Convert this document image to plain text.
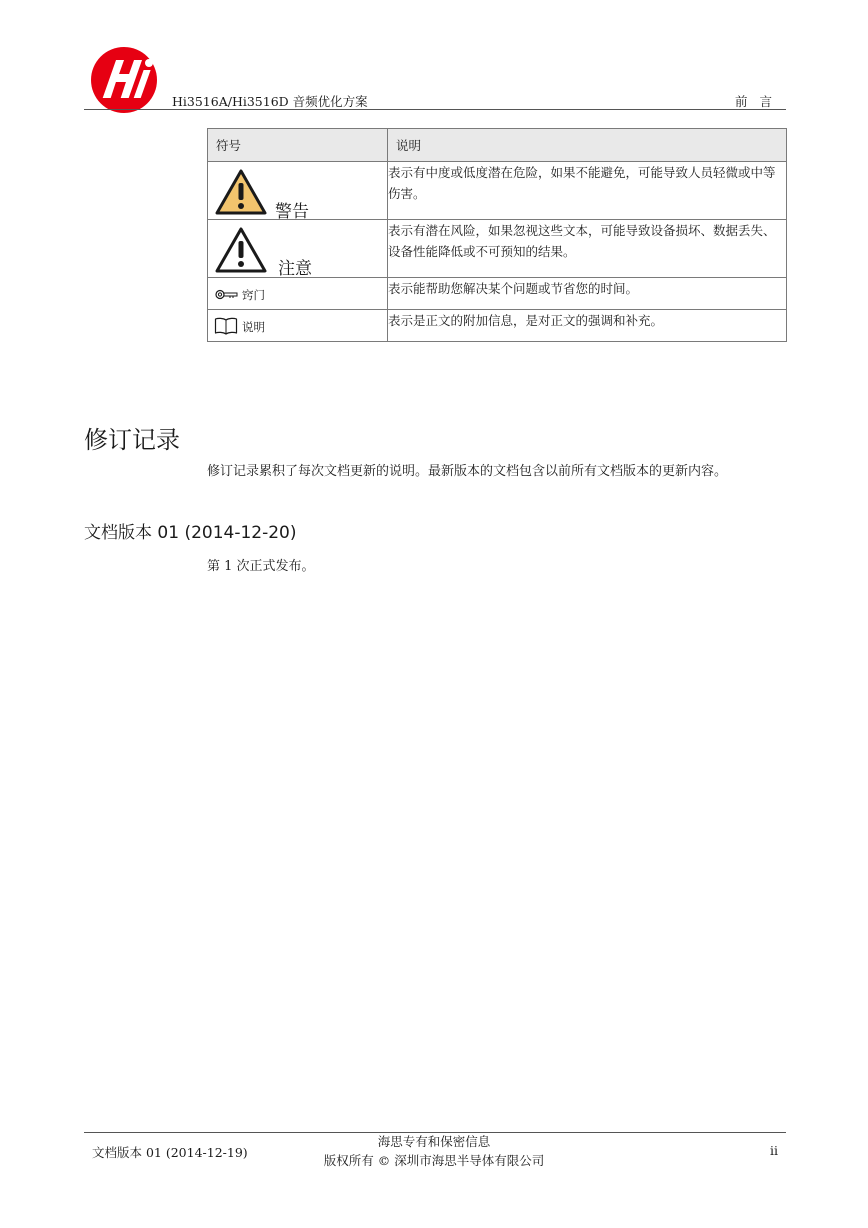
Hi3516A/Hi3516D 音频优化方案	前言
符号	说明

警告	表示有中度或低度潜在危险，如果不能避免，可能导致人员轻微或中等伤害。

注意	表示有潜在风险，如果忽视这些文本，可能导致设备损坏、数据丢失、设备性能降低或不可预知的结果。

窍门	表示能帮助您解决某个问题或节省您的时间。

说明	表示是正文的附加信息，是对正文的强调和补充。
修订记录
修订记录累积了每次文档更新的说明。最新版本的文档包含以前所有文档版本的更新内容。
文档版本 01 (2014-12-20)
第 1 次正式发布。
文档版本 01 (2014-12-19)
海思专有和保密信息
版权所有 © 深圳市海思半导体有限公司
ii
